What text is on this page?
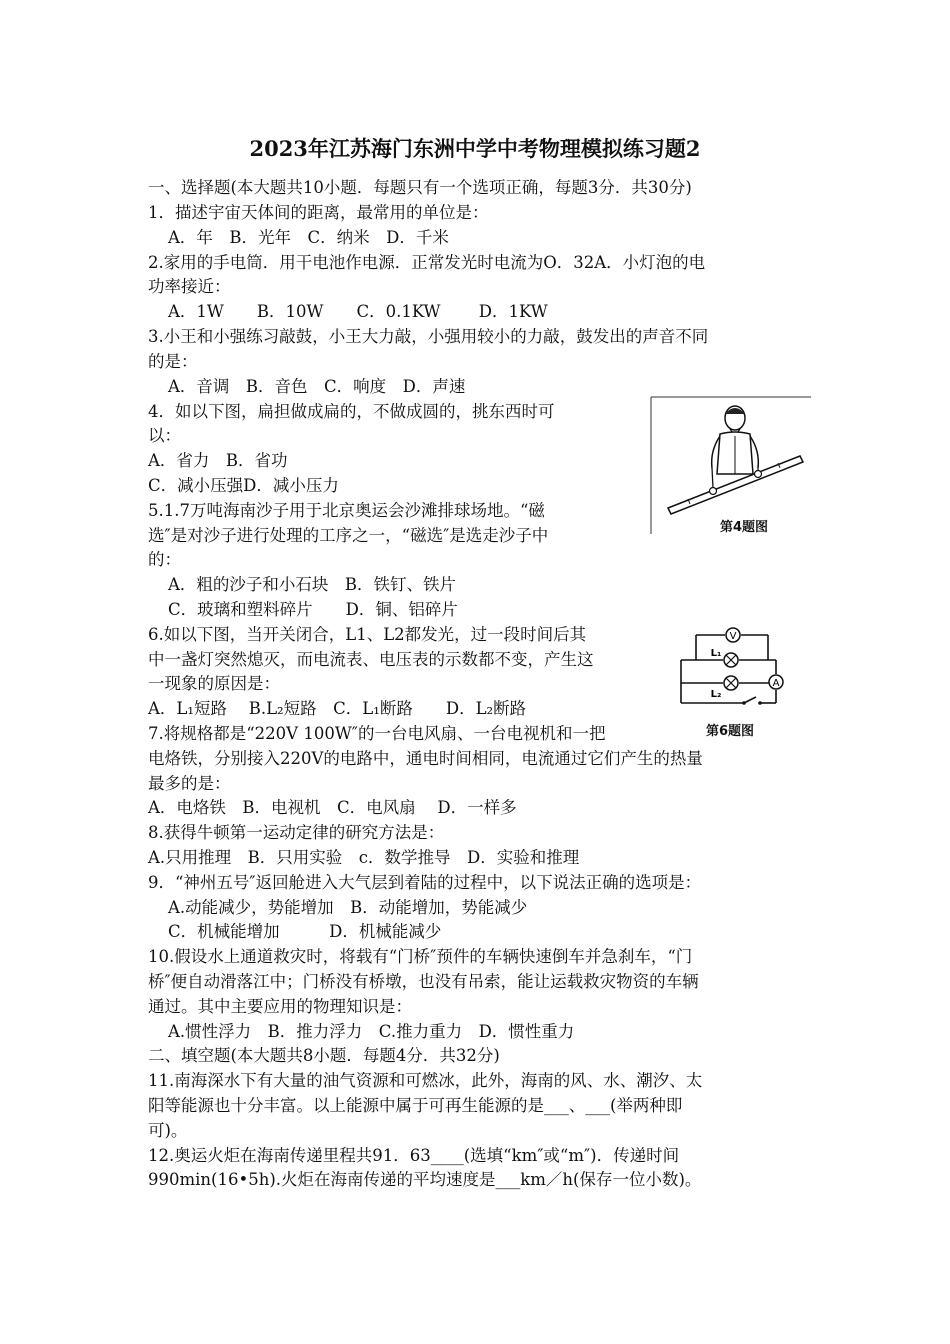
2023年江苏海门东洲中学中考物理模拟练习题2
一、选择题(本大题共10小题．每题只有一个选项正确，每题3分．共30分)
1．描述宇宙天体间的距离，最常用的单位是：
A．年　B．光年　C．纳米　D．千米
2.家用的手电筒．用干电池作电源．正常发光时电流为O．32A．小灯泡的电
功率接近：
A．1W　　B．10W　　C．0.1KW　　 D．1KW
3.小王和小强练习敲鼓，小王大力敲，小强用较小的力敲，鼓发出的声音不同
的是：
A．音调　B．音色　C．响度　D．声速
4．如以下图，扁担做成扁的，不做成圆的，挑东西时可
以：
A．省力　B．省功
C．减小压强D．减小压力
5.1.7万吨海南沙子用于北京奥运会沙滩排球场地。“磁
选″是对沙子进行处理的工序之一，“磁选″是选走沙子中
的：
A．粗的沙子和小石块　B．铁钉、铁片
C．玻璃和塑料碎片　　D．铜、铝碎片
6.如以下图，当开关闭合，L1、L2都发光，过一段时间后其
中一盏灯突然熄灭，而电流表、电压表的示数都不变，产生这
一现象的原因是：
A．L₁短路　 B.L₂短路　C．L₁断路　　D．L₂断路
7.将规格都是“220V 100W″的一台电风扇、一台电视机和一把
电烙铁，分别接入220V的电路中，通电时间相同，电流通过它们产生的热量
最多的是：
A．电烙铁　B．电视机　C．电风扇　 D．一样多
8.获得牛顿第一运动定律的研究方法是：
A.只用推理　B．只用实验　c．数学推导　D．实验和推理
9．“神州五号″返回舱进入大气层到着陆的过程中，以下说法正确的选项是：
A.动能减少，势能增加　B．动能增加，势能减少
C．机械能增加　　　D．机械能减少
10.假设水上通道救灾时，将载有“门桥″预件的车辆快速倒车并急刹车，“门
桥″便自动滑落江中；门桥没有桥墩，也没有吊索，能让运载救灾物资的车辆
通过。其中主要应用的物理知识是：
A.惯性浮力　B．推力浮力　C.推力重力　D．惯性重力
二、填空题(本大题共8小题．每题4分．共32分)
11.南海深水下有大量的油气资源和可燃冰，此外，海南的风、水、潮汐、太
阳等能源也十分丰富。以上能源中属于可再生能源的是___、___(举两种即
可)。
12.奥运火炬在海南传递里程共91．63____(选填“km″或“m″)．传递时间
990min(16•5h).火炬在海南传递的平均速度是___km／h(保存一位小数)。
第4题图
V
L₁
L₂
A
第6题图
